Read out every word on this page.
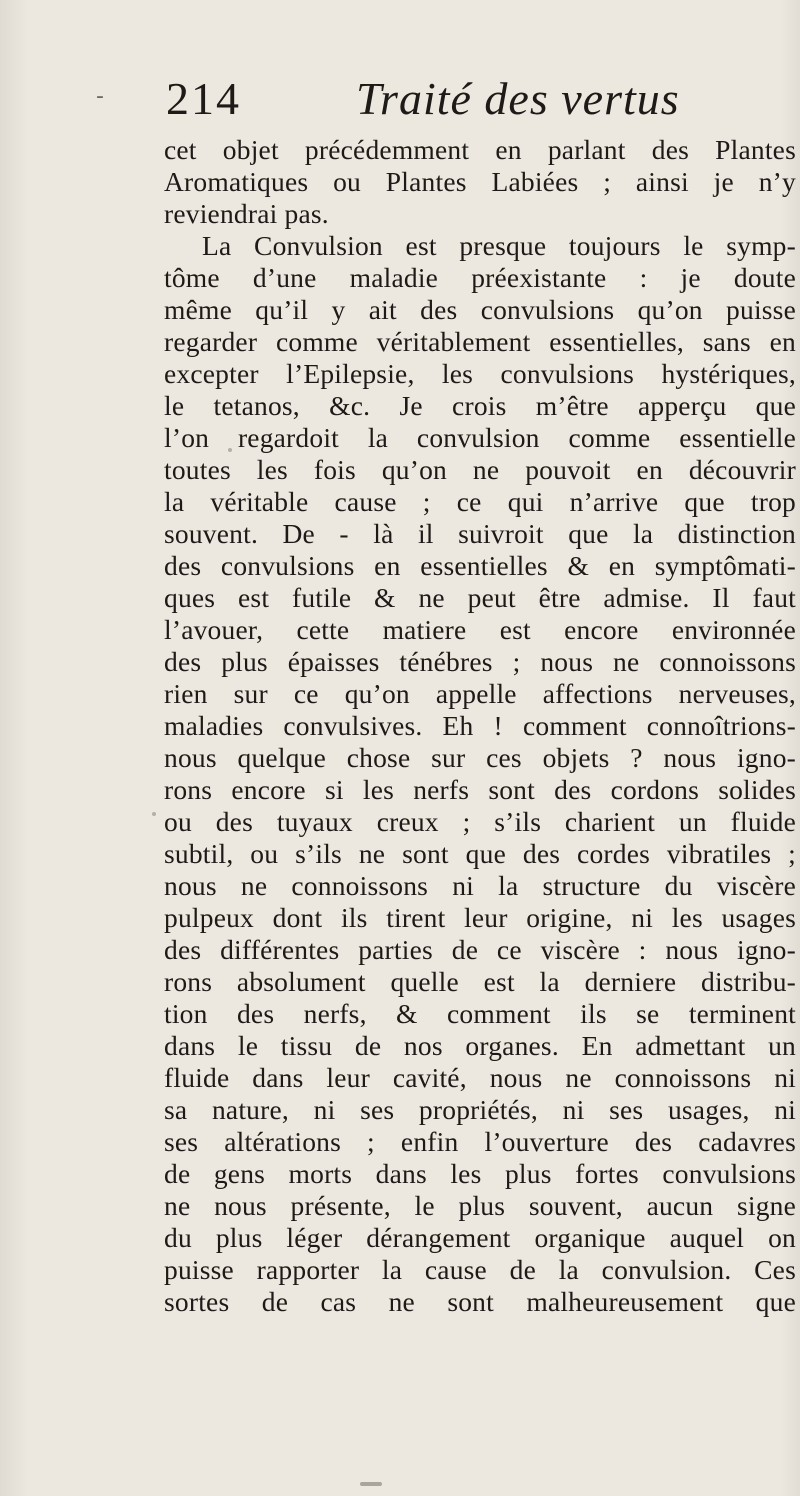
- 214	Traité des vertus
cet objet précédemment en parlant des Plantes
Aromatiques ou Plantes Labiées ; ainsi je n’y
reviendrai pas.
La Convulsion est presque toujours le symp-
tôme d’une maladie préexistante : je doute
même qu’il y ait des convulsions qu’on puisse
regarder comme véritablement essentielles, sans en
excepter l’Epilepsie, les convulsions hystériques,
le tetanos, &c. Je crois m’être apperçu que
l’on regardoit la convulsion comme essentielle
toutes les fois qu’on ne pouvoit en découvrir
la véritable cause ; ce qui n’arrive que trop
souvent. De - là il suivroit que la distinction
des convulsions en essentielles & en symptômati-
ques est futile & ne peut être admise. Il faut
l’avouer, cette matiere est encore environnée
des plus épaisses ténébres ; nous ne connoissons
rien sur ce qu’on appelle affections nerveuses,
maladies convulsives. Eh ! comment connoîtrions-
nous quelque chose sur ces objets ? nous igno-
rons encore si les nerfs sont des cordons solides
ou des tuyaux creux ; s’ils charient un fluide
subtil, ou s’ils ne sont que des cordes vibratiles ;
nous ne connoissons ni la structure du viscère
pulpeux dont ils tirent leur origine, ni les usages
des différentes parties de ce viscère : nous igno-
rons absolument quelle est la derniere distribu-
tion des nerfs, & comment ils se terminent
dans le tissu de nos organes. En admettant un
fluide dans leur cavité, nous ne connoissons ni
sa nature, ni ses propriétés, ni ses usages, ni
ses altérations ; enfin l’ouverture des cadavres
de gens morts dans les plus fortes convulsions
ne nous présente, le plus souvent, aucun signe
du plus léger dérangement organique auquel on
puisse rapporter la cause de la convulsion. Ces
sortes de cas ne sont malheureusement que
